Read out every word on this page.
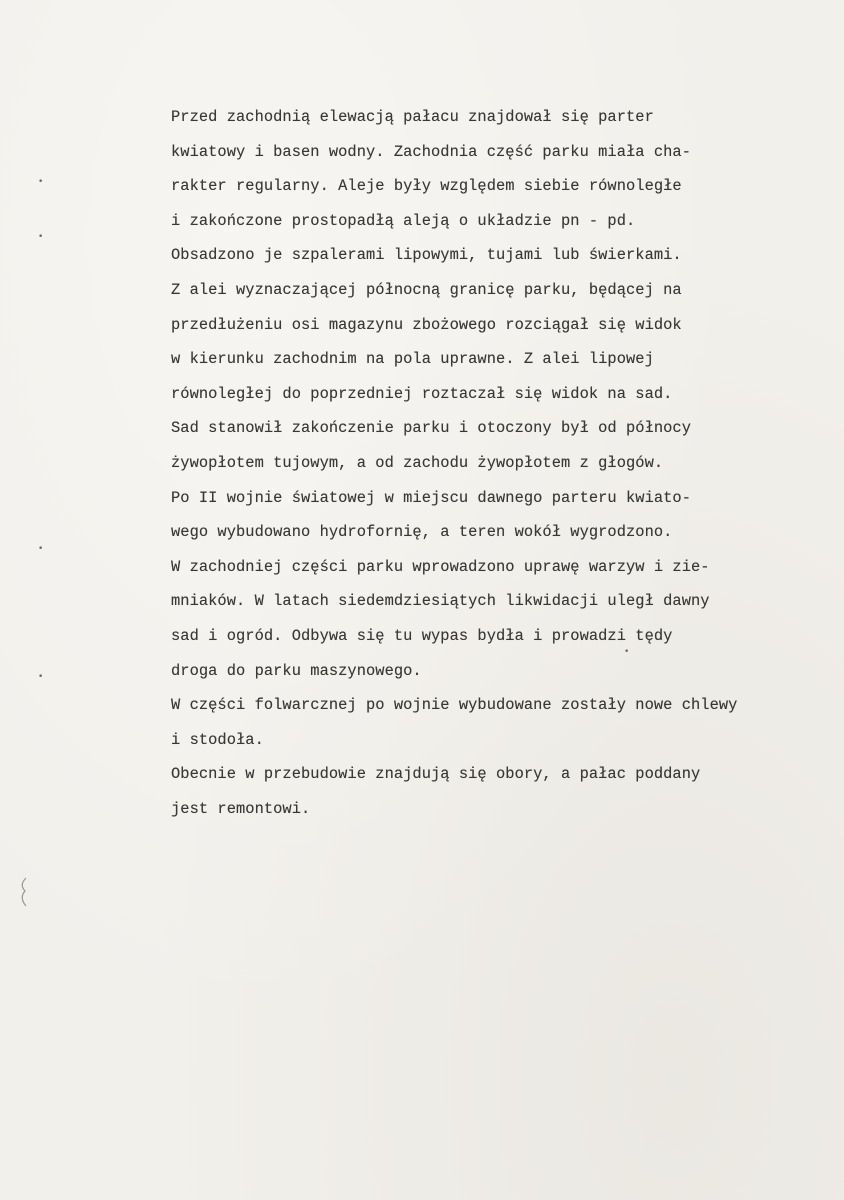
•
•
•
•
•
Przed zachodnią elewacją pałacu znajdował się parter
kwiatowy i basen wodny. Zachodnia część parku miała cha-
rakter regularny. Aleje były względem siebie równoległe
i zakończone prostopadłą aleją o układzie pn - pd.
Obsadzono je szpalerami lipowymi, tujami lub świerkami.
Z alei wyznaczającej północną granicę parku, będącej na
przedłużeniu osi magazynu zbożowego rozciągał się widok
w kierunku zachodnim na pola uprawne. Z alei lipowej
równoległej do poprzedniej roztaczał się widok na sad.
Sad stanowił zakończenie parku i otoczony był od północy
żywopłotem tujowym, a od zachodu żywopłotem z głogów.
Po II wojnie światowej w miejscu dawnego parteru kwiato-
wego wybudowano hydrofornię, a teren wokół wygrodzono.
W zachodniej części parku wprowadzono uprawę warzyw i zie-
mniaków. W latach siedemdziesiątych likwidacji uległ dawny
sad i ogród. Odbywa się tu wypas bydła i prowadzi tędy
droga do parku maszynowego.
W części folwarcznej po wojnie wybudowane zostały nowe chlewy
i stodoła.
Obecnie w przebudowie znajdują się obory, a pałac poddany
jest remontowi.
